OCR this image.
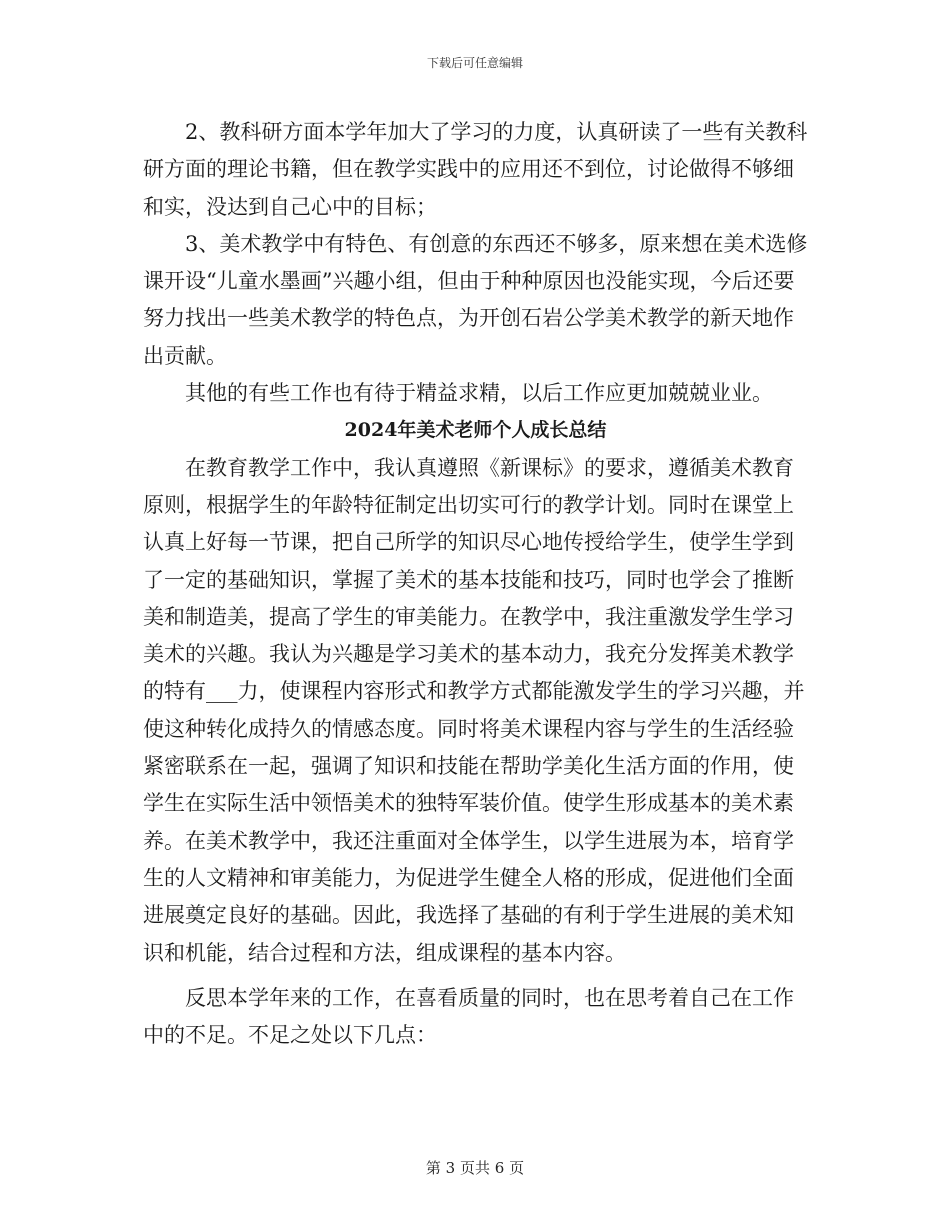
下载后可任意编辑

2、教科研方面本学年加大了学习的力度，认真研读了一些有关教科研方面的理论书籍，但在教学实践中的应用还不到位，讨论做得不够细和实，没达到自己心中的目标；

3、美术教学中有特色、有创意的东西还不够多，原来想在美术选修课开设“儿童水墨画”兴趣小组，但由于种种原因也没能实现，今后还要努力找出一些美术教学的特色点，为开创石岩公学美术教学的新天地作出贡献。

其他的有些工作也有待于精益求精，以后工作应更加兢兢业业。

2024年美术老师个人成长总结

在教育教学工作中，我认真遵照《新课标》的要求，遵循美术教育原则，根据学生的年龄特征制定出切实可行的教学计划。同时在课堂上认真上好每一节课，把自己所学的知识尽心地传授给学生，使学生学到了一定的基础知识，掌握了美术的基本技能和技巧，同时也学会了推断美和制造美，提高了学生的审美能力。在教学中，我注重激发学生学习美术的兴趣。我认为兴趣是学习美术的基本动力，我充分发挥美术教学的特有___力，使课程内容形式和教学方式都能激发学生的学习兴趣，并使这种转化成持久的情感态度。同时将美术课程内容与学生的生活经验紧密联系在一起，强调了知识和技能在帮助学美化生活方面的作用，使学生在实际生活中领悟美术的独特军装价值。使学生形成基本的美术素养。在美术教学中，我还注重面对全体学生，以学生进展为本，培育学生的人文精神和审美能力，为促进学生健全人格的形成，促进他们全面进展奠定良好的基础。因此，我选择了基础的有利于学生进展的美术知识和机能，结合过程和方法，组成课程的基本内容。

反思本学年来的工作，在喜看质量的同时，也在思考着自己在工作中的不足。不足之处以下几点：

第 3 页共 6 页
